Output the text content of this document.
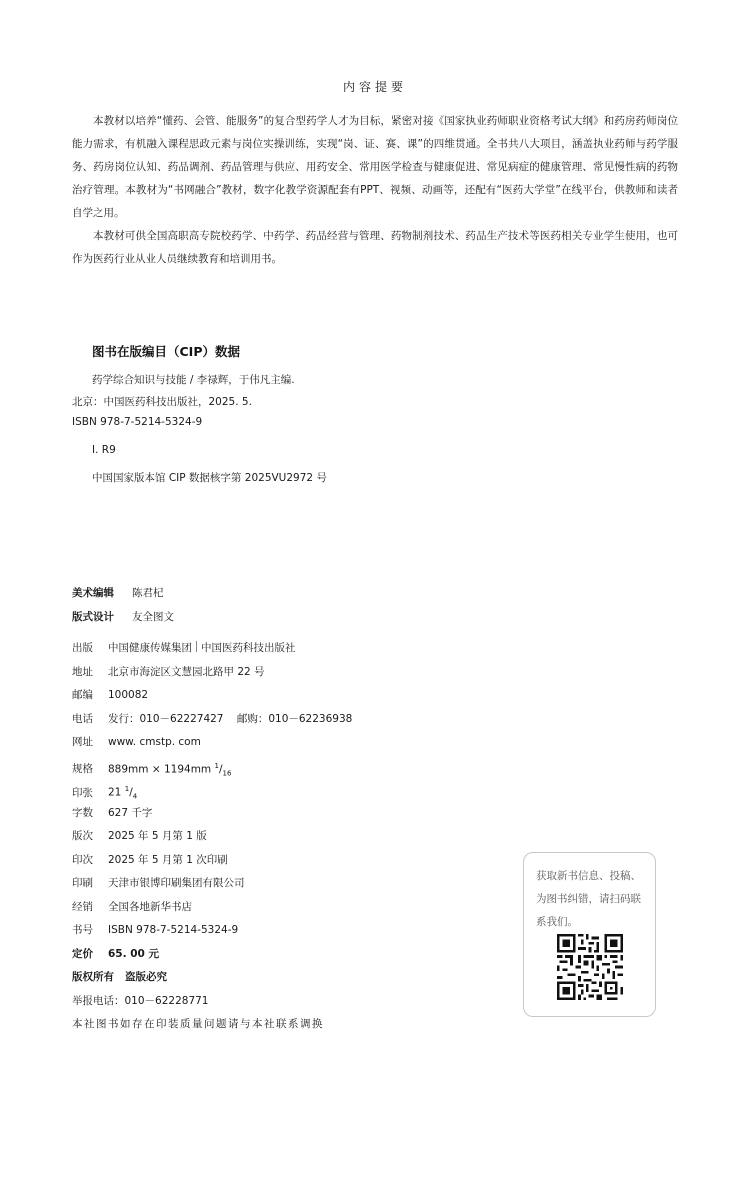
内容提要

本教材以培养“懂药、会管、能服务”的复合型药学人才为目标，紧密对接《国家执业药师职业资格考试大纲》和药房药师岗位能力需求，有机融入课程思政元素与岗位实操训练，实现“岗、证、赛、课”的四维贯通。全书共八大项目，涵盖执业药师与药学服务、药房岗位认知、药品调剂、药品管理与供应、用药安全、常用医学检查与健康促进、常见病症的健康管理、常见慢性病的药物治疗管理。本教材为“书网融合”教材，数字化教学资源配套有PPT、视频、动画等，还配有“医药大学堂”在线平台，供教师和读者自学之用。

本教材可供全国高职高专院校药学、中药学、药品经营与管理、药物制剂技术、药品生产技术等医药相关专业学生使用，也可作为医药行业从业人员继续教育和培训用书。

图书在版编目（CIP）数据
药学综合知识与技能 / 李禄辉，于伟凡主编.
北京：中国医药科技出版社，2025. 5.
ISBN 978-7-5214-5324-9
Ⅰ. R9
中国国家版本馆 CIP 数据核字第 2025VU2972 号
美术编辑 陈君杞
版式设计 友全图文
出版 中国健康传媒集团 中国医药科技出版社
地址 北京市海淀区文慧园北路甲 22 号
邮编 100082
电话 发行：010－62227427    邮购：010－62236938
网址 www. cmstp. com
规格 889mm × 1194mm $^1/_{16}$
印张 21 $^1/_4$
字数 627 千字
版次 2025 年 5 月第 1 版
印次 2025 年 5 月第 1 次印刷
印刷 天津市银博印刷集团有限公司
经销 全国各地新华书店
书号 ISBN 978-7-5214-5324-9
定价 65. 00 元
版权所有   盗版必究
举报电话：010－62228771
本社图书如存在印装质量问题请与本社联系调换
获取新书信息、投稿、为图书纠错，请扫码联系我们。
